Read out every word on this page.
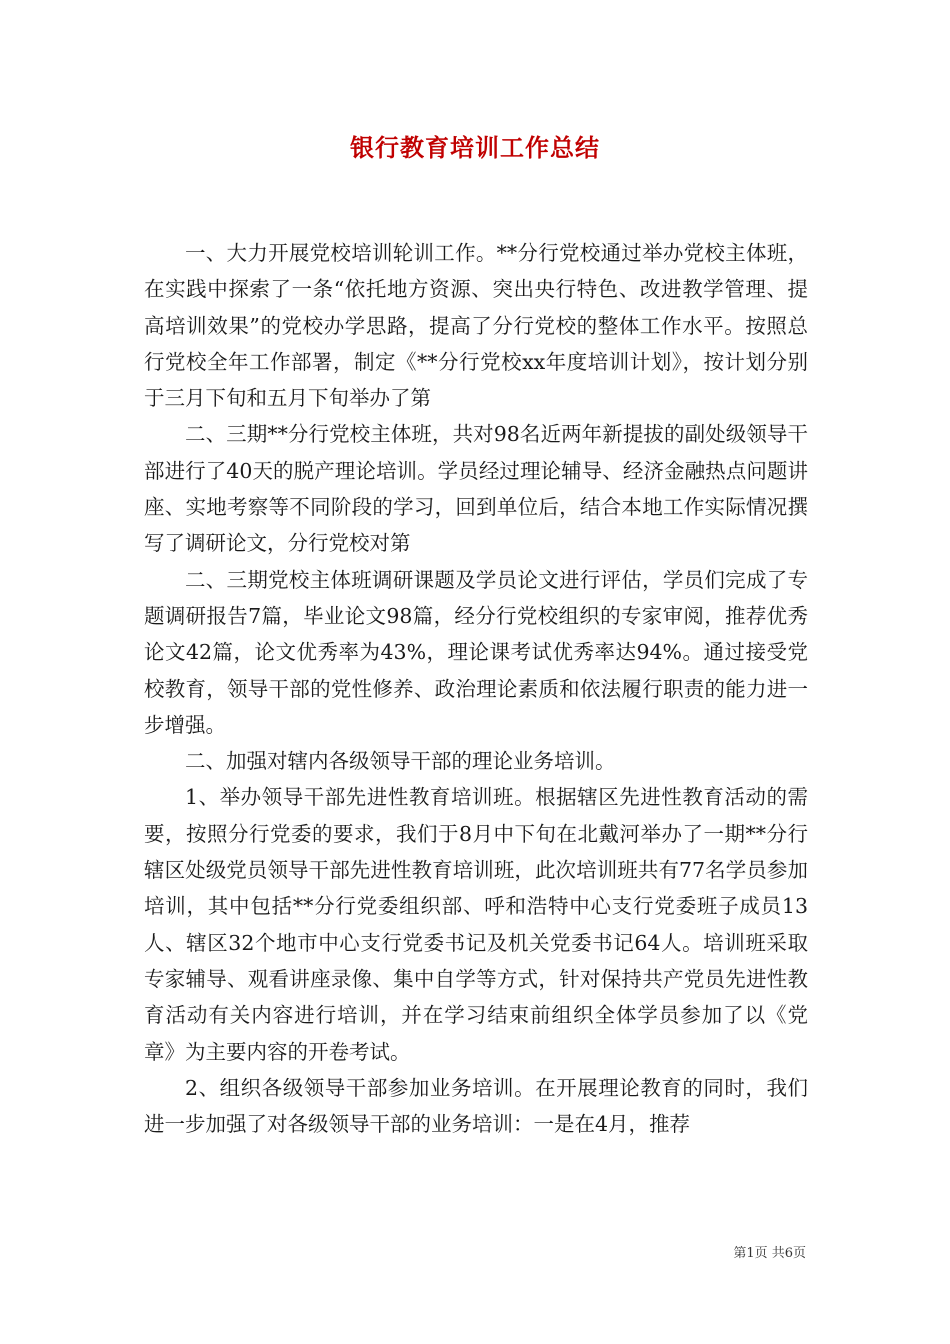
银行教育培训工作总结

一、大力开展党校培训轮训工作。**分行党校通过举办党校主体班，在实践中探索了一条“依托地方资源、突出央行特色、改进教学管理、提高培训效果”的党校办学思路，提高了分行党校的整体工作水平。按照总行党校全年工作部署，制定《**分行党校xx年度培训计划》，按计划分别于三月下旬和五月下旬举办了第

二、三期**分行党校主体班，共对98名近两年新提拔的副处级领导干部进行了40天的脱产理论培训。学员经过理论辅导、经济金融热点问题讲座、实地考察等不同阶段的学习，回到单位后，结合本地工作实际情况撰写了调研论文，分行党校对第

二、三期党校主体班调研课题及学员论文进行评估，学员们完成了专题调研报告7篇，毕业论文98篇，经分行党校组织的专家审阅，推荐优秀论文42篇，论文优秀率为43%，理论课考试优秀率达94%。通过接受党校教育，领导干部的党性修养、政治理论素质和依法履行职责的能力进一步增强。

二、加强对辖内各级领导干部的理论业务培训。

1、举办领导干部先进性教育培训班。根据辖区先进性教育活动的需要，按照分行党委的要求，我们于8月中下旬在北戴河举办了一期**分行辖区处级党员领导干部先进性教育培训班，此次培训班共有77名学员参加培训，其中包括**分行党委组织部、呼和浩特中心支行党委班子成员13人、辖区32个地市中心支行党委书记及机关党委书记64人。培训班采取专家辅导、观看讲座录像、集中自学等方式，针对保持共产党员先进性教育活动有关内容进行培训，并在学习结束前组织全体学员参加了以《党章》为主要内容的开卷考试。

2、组织各级领导干部参加业务培训。在开展理论教育的同时，我们进一步加强了对各级领导干部的业务培训：一是在4月，推荐

第1页 共6页
